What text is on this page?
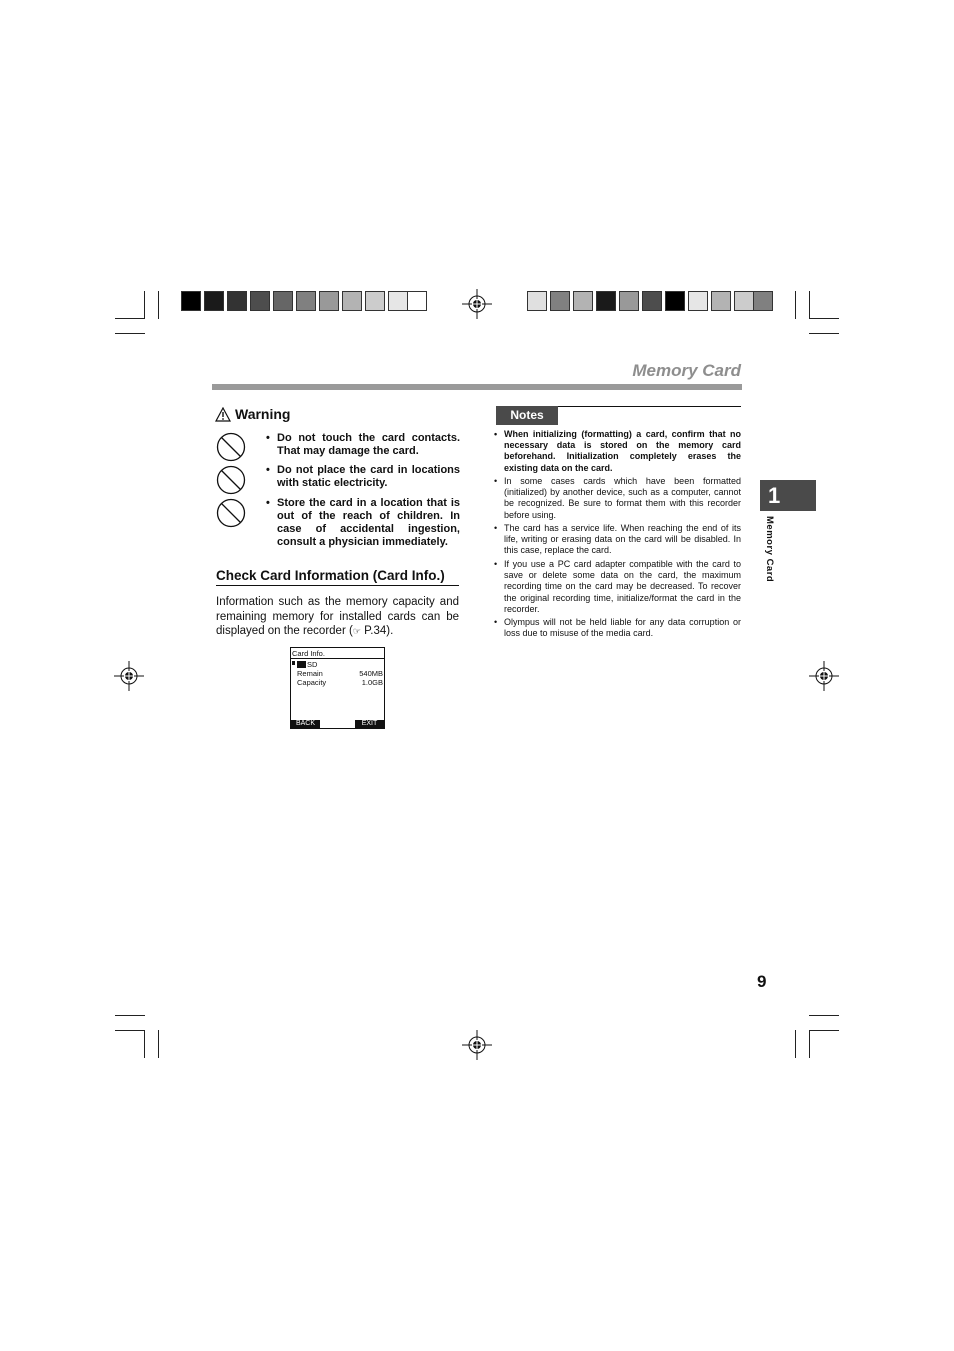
Memory Card
Warning
• Do not touch the card contacts. That may damage the card.
• Do not place the card in locations with static electricity.
• Store the card in a location that is out of the reach of children. In case of accidental ingestion, consult a physician immediately.
Check Card Information (Card Info.)
Information such as the memory capacity and remaining memory for installed cards can be displayed on the recorder (☞ P.34).
Card Info.
SD
Remain	540MB
Capacity	1.0GB
BACK	EXIT
Notes
• When initializing (formatting) a card, confirm that no necessary data is stored on the memory card beforehand. Initialization completely erases the existing data on the card.
• In some cases cards which have been formatted (initialized) by another device, such as a computer, cannot be recognized. Be sure to format them with this recorder before using.
• The card has a service life. When reaching the end of its life, writing or erasing data on the card will be disabled. In this case, replace the card.
• If you use a PC card adapter compatible with the card to save or delete some data on the card, the maximum recording time on the card may be decreased. To recover the original recording time, initialize/format the card in the recorder.
• Olympus will not be held liable for any data corruption or loss due to misuse of the media card.
1
Memory Card
9
